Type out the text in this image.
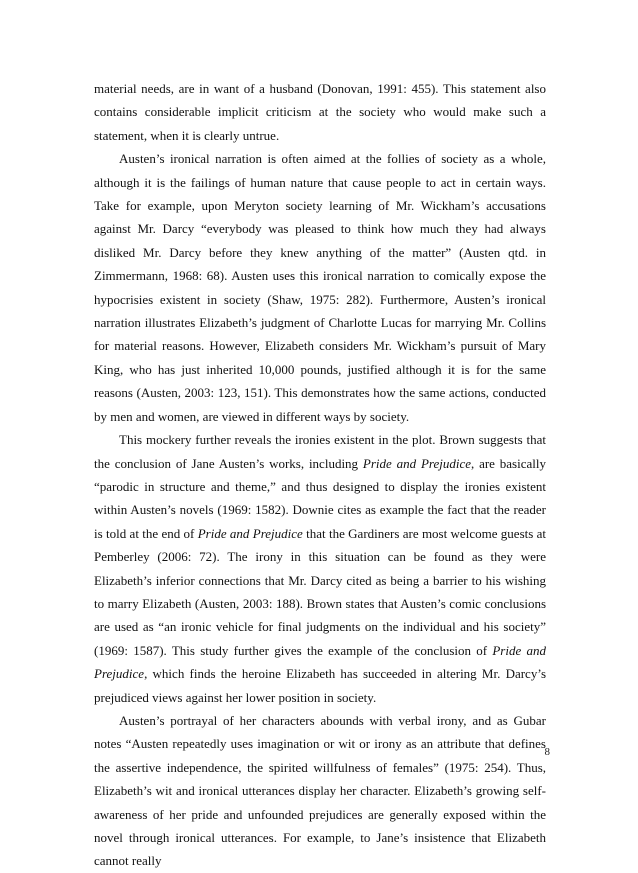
material needs, are in want of a husband (Donovan, 1991: 455). This statement also contains considerable implicit criticism at the society who would make such a statement, when it is clearly untrue.

Austen’s ironical narration is often aimed at the follies of society as a whole, although it is the failings of human nature that cause people to act in certain ways. Take for example, upon Meryton society learning of Mr. Wickham’s accusations against Mr. Darcy “everybody was pleased to think how much they had always disliked Mr. Darcy before they knew anything of the matter” (Austen qtd. in Zimmermann, 1968: 68). Austen uses this ironical narration to comically expose the hypocrisies existent in society (Shaw, 1975: 282). Furthermore, Austen’s ironical narration illustrates Elizabeth’s judgment of Charlotte Lucas for marrying Mr. Collins for material reasons. However, Elizabeth considers Mr. Wickham’s pursuit of Mary King, who has just inherited 10,000 pounds, justified although it is for the same reasons (Austen, 2003: 123, 151). This demonstrates how the same actions, conducted by men and women, are viewed in different ways by society.

This mockery further reveals the ironies existent in the plot. Brown suggests that the conclusion of Jane Austen’s works, including Pride and Prejudice, are basically “parodic in structure and theme,” and thus designed to display the ironies existent within Austen’s novels (1969: 1582). Downie cites as example the fact that the reader is told at the end of Pride and Prejudice that the Gardiners are most welcome guests at Pemberley (2006: 72). The irony in this situation can be found as they were Elizabeth’s inferior connections that Mr. Darcy cited as being a barrier to his wishing to marry Elizabeth (Austen, 2003: 188). Brown states that Austen’s comic conclusions are used as “an ironic vehicle for final judgments on the individual and his society” (1969: 1587). This study further gives the example of the conclusion of Pride and Prejudice, which finds the heroine Elizabeth has succeeded in altering Mr. Darcy’s prejudiced views against her lower position in society.

Austen’s portrayal of her characters abounds with verbal irony, and as Gubar notes “Austen repeatedly uses imagination or wit or irony as an attribute that defines the assertive independence, the spirited willfulness of females” (1975: 254). Thus, Elizabeth’s wit and ironical utterances display her character. Elizabeth’s growing self-awareness of her pride and unfounded prejudices are generally exposed within the novel through ironical utterances. For example, to Jane’s insistence that Elizabeth cannot really

8
